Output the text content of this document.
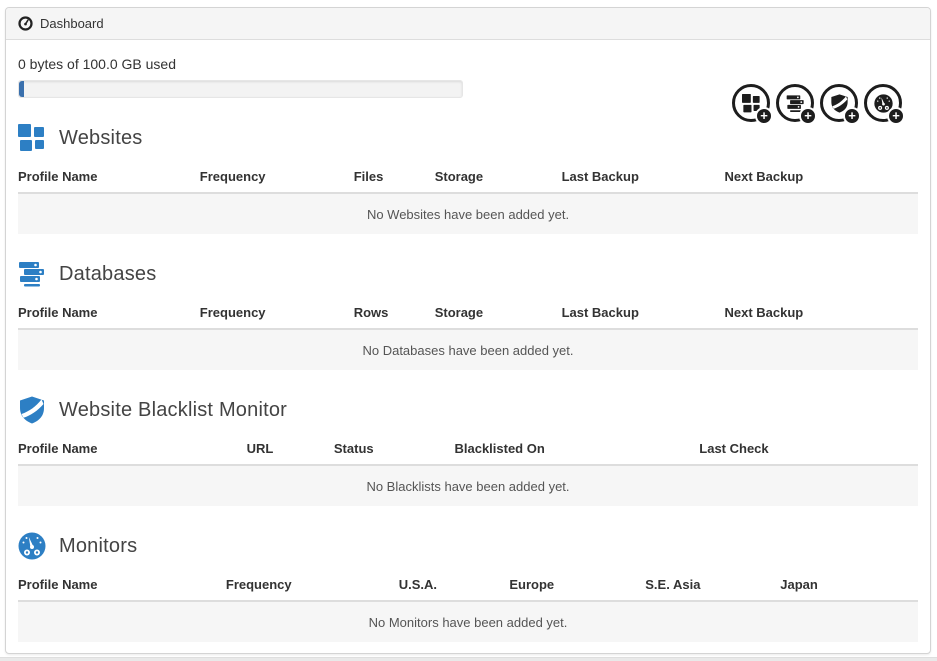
Dashboard
0 bytes of 100.0 GB used
+	+	+	+
Websites
Profile Name	Frequency	Files	Storage	Last Backup	Next Backup
No Websites have been added yet.
Databases
Profile Name	Frequency	Rows	Storage	Last Backup	Next Backup
No Databases have been added yet.
Website Blacklist Monitor
Profile Name	URL	Status	Blacklisted On	Last Check
No Blacklists have been added yet.
Monitors
Profile Name	Frequency	U.S.A.	Europe	S.E. Asia	Japan
No Monitors have been added yet.
